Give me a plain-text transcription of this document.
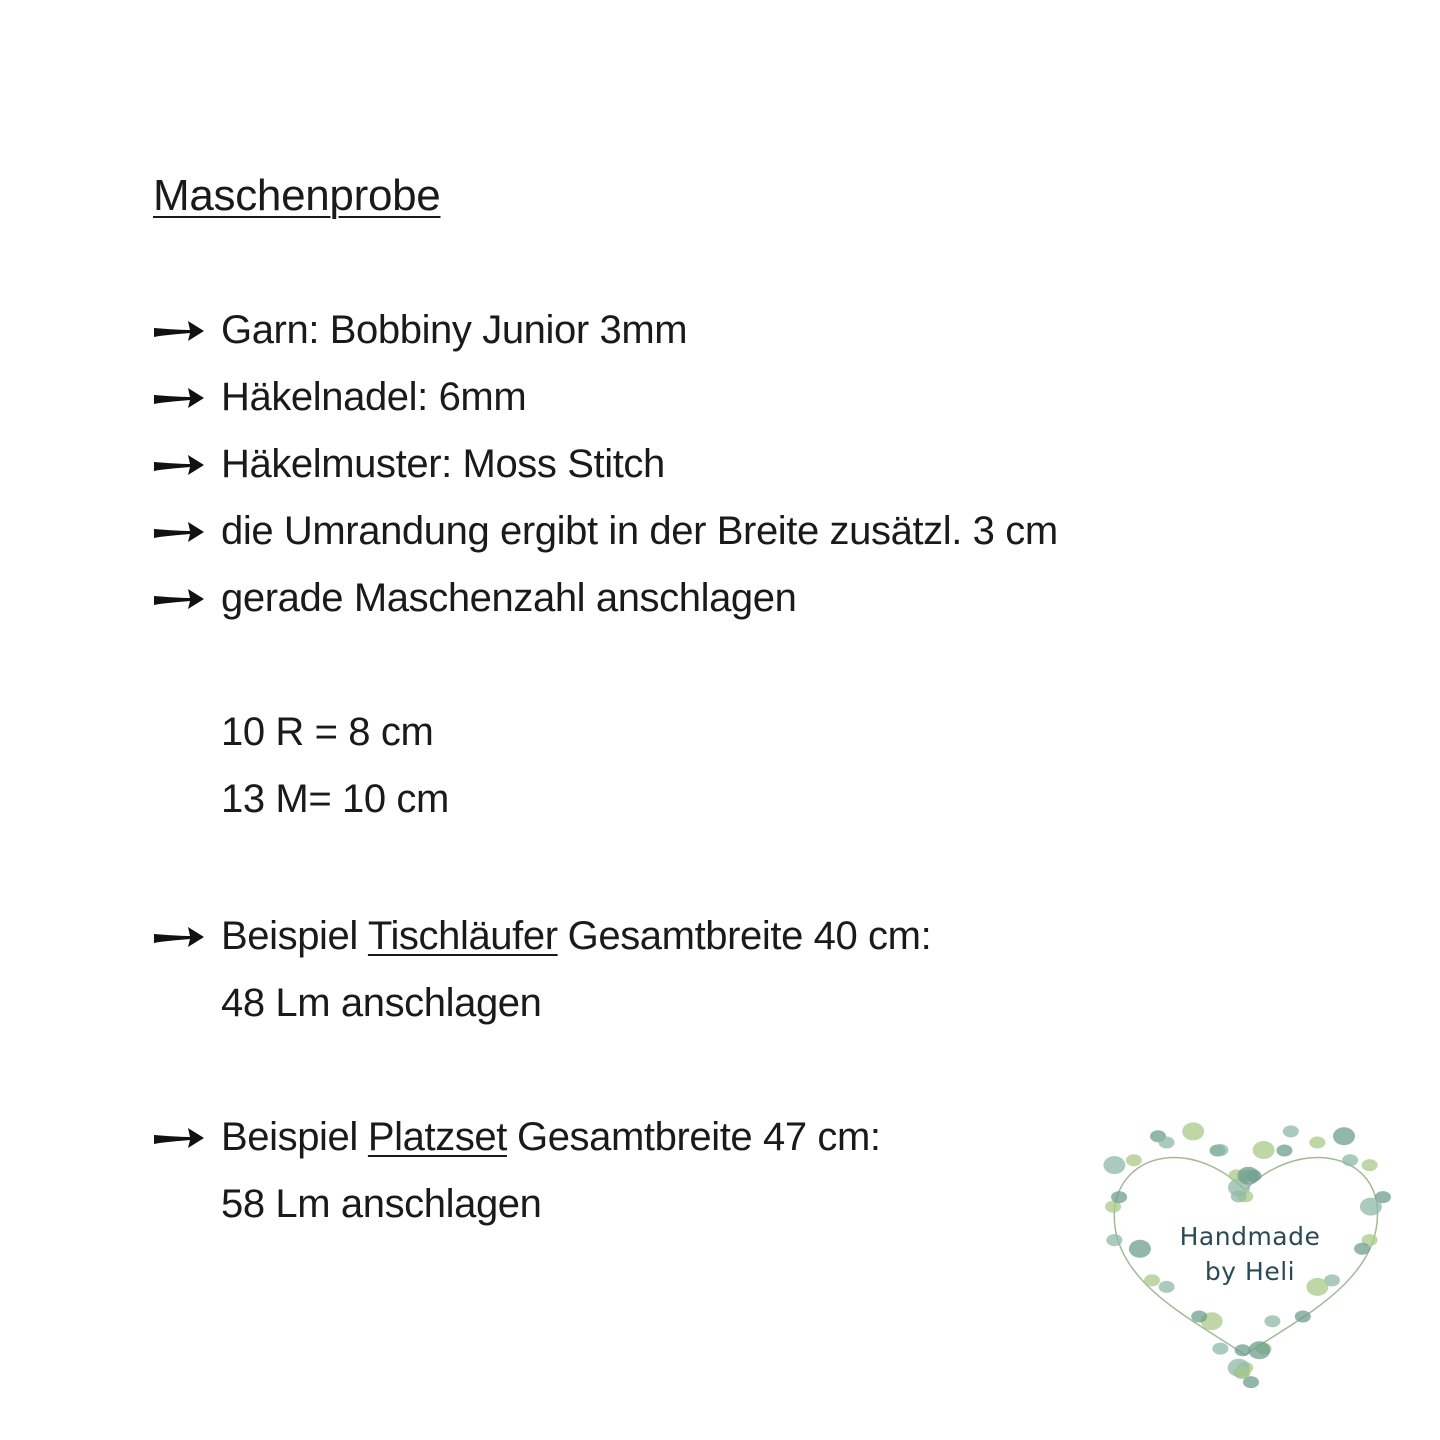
Maschenprobe
Garn: Bobbiny Junior 3mm
Häkelnadel: 6mm
Häkelmuster: Moss Stitch
die Umrandung ergibt in der Breite zusätzl. 3 cm
gerade Maschenzahl anschlagen
10 R = 8 cm
13 M= 10 cm
Beispiel Tischläufer Gesamtbreite 40 cm:
48 Lm anschlagen
Beispiel Platzset Gesamtbreite 47 cm:
58 Lm anschlagen
Handmade
by Heli
